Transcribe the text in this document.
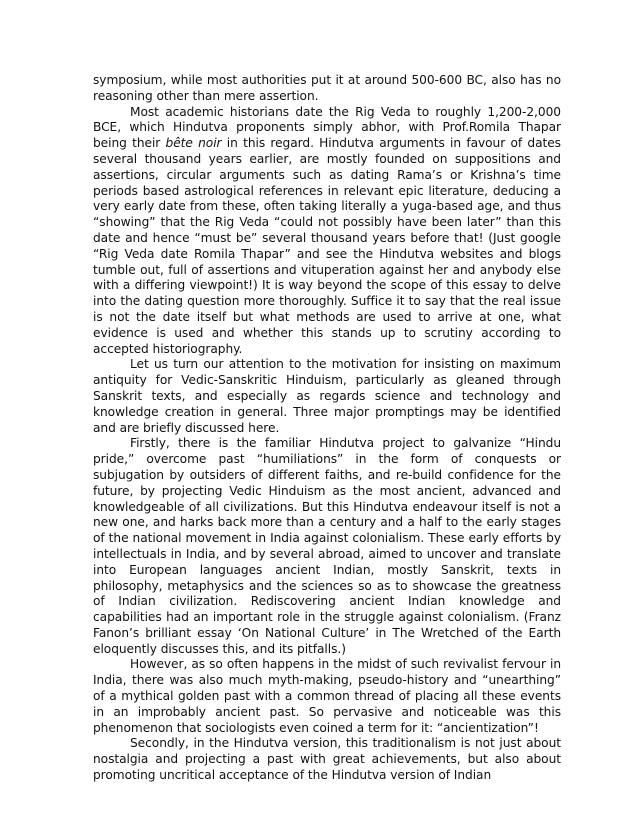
symposium, while most authorities put it at around 500-600 BC, also has no reasoning other than mere assertion.

Most academic historians date the Rig Veda to roughly 1,200-2,000 BCE, which Hindutva proponents simply abhor, with Prof.Romila Thapar being their bête noir in this regard. Hindutva arguments in favour of dates several thousand years earlier, are mostly founded on suppositions and assertions, circular arguments such as dating Rama’s or Krishna’s time periods based astrological references in relevant epic literature, deducing a very early date from these, often taking literally a yuga-based age, and thus “showing” that the Rig Veda “could not possibly have been later” than this date and hence “must be” several thousand years before that! (Just google “Rig Veda date Romila Thapar” and see the Hindutva websites and blogs tumble out, full of assertions and vituperation against her and anybody else with a differing viewpoint!) It is way beyond the scope of this essay to delve into the dating question more thoroughly. Suffice it to say that the real issue is not the date itself but what methods are used to arrive at one, what evidence is used and whether this stands up to scrutiny according to accepted historiography.

Let us turn our attention to the motivation for insisting on maximum antiquity for Vedic-Sanskritic Hinduism, particularly as gleaned through Sanskrit texts, and especially as regards science and technology and knowledge creation in general. Three major promptings may be identified and are briefly discussed here.

Firstly, there is the familiar Hindutva project to galvanize “Hindu pride,” overcome past “humiliations” in the form of conquests or subjugation by outsiders of different faiths, and re-build confidence for the future, by projecting Vedic Hinduism as the most ancient, advanced and knowledgeable of all civilizations. But this Hindutva endeavour itself is not a new one, and harks back more than a century and a half to the early stages of the national movement in India against colonialism. These early efforts by intellectuals in India, and by several abroad, aimed to uncover and translate into European languages ancient Indian, mostly Sanskrit, texts in philosophy, metaphysics and the sciences so as to showcase the greatness of Indian civilization. Rediscovering ancient Indian knowledge and capabilities had an important role in the struggle against colonialism. (Franz Fanon’s brilliant essay ‘On National Culture’ in The Wretched of the Earth eloquently discusses this, and its pitfalls.)

However, as so often happens in the midst of such revivalist fervour in India, there was also much myth-making, pseudo-history and “unearthing” of a mythical golden past with a common thread of placing all these events in an improbably ancient past. So pervasive and noticeable was this phenomenon that sociologists even coined a term for it: “ancientization”!

Secondly, in the Hindutva version, this traditionalism is not just about nostalgia and projecting a past with great achievements, but also about promoting uncritical acceptance of the Hindutva version of Indian
